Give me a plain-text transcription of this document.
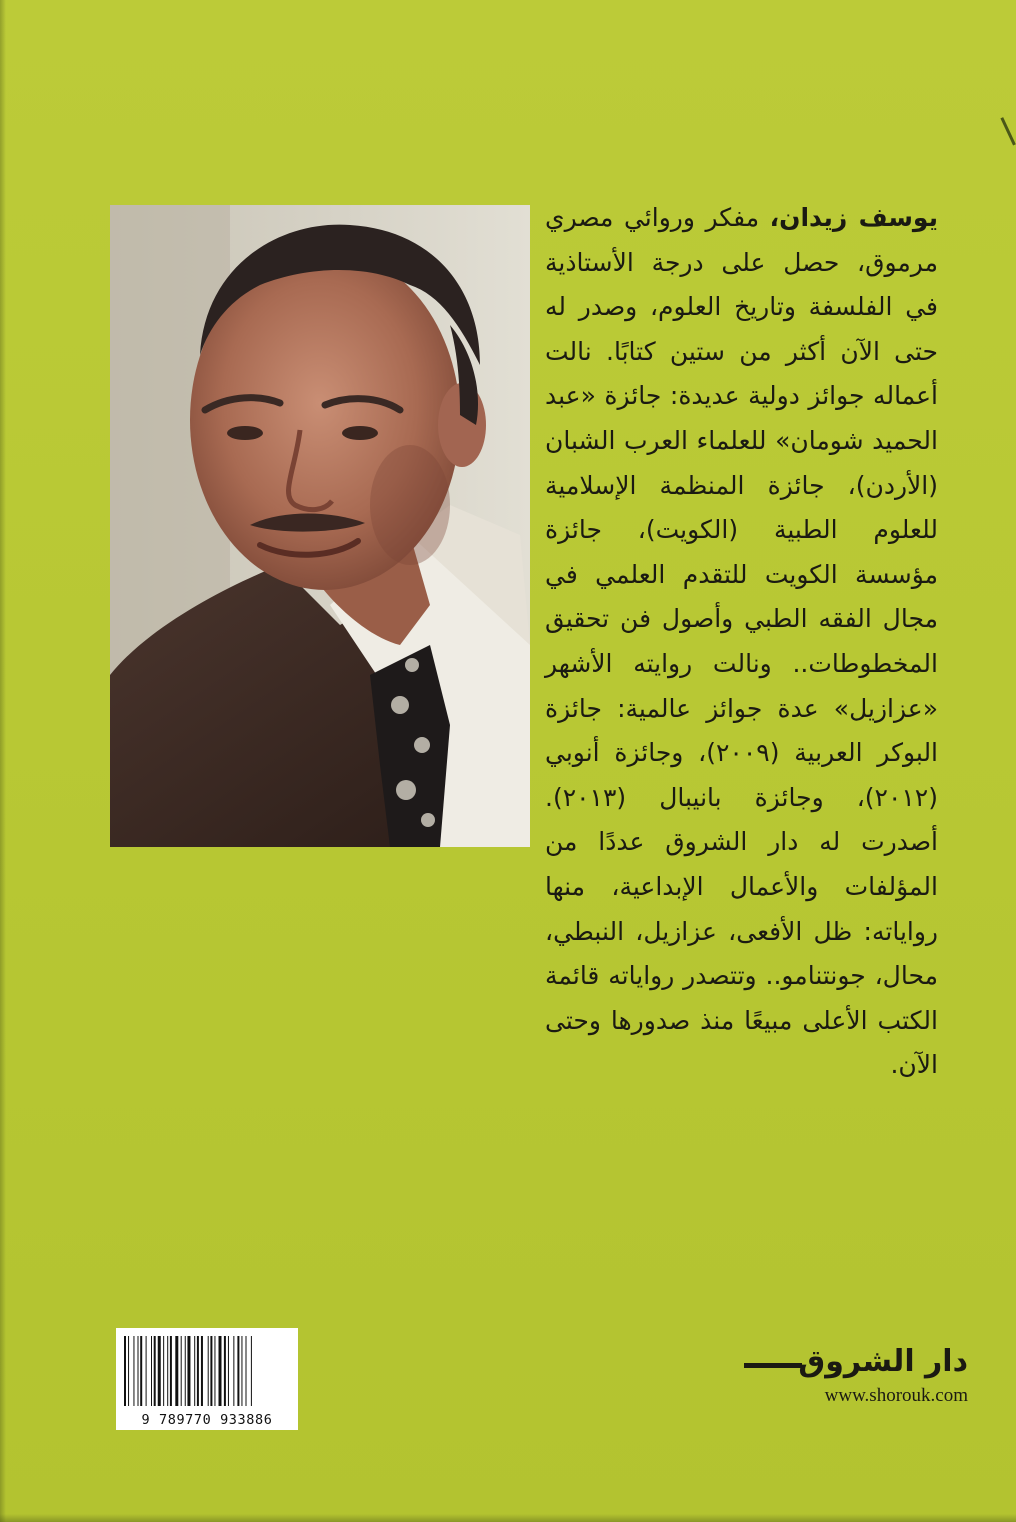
يوسف زيدان، مفكر وروائي مصري مرموق، حصل على درجة الأستاذية في الفلسفة وتاريخ العلوم، وصدر له حتى الآن أكثر من ستين كتابًا. نالت أعماله جوائز دولية عديدة: جائزة «عبد الحميد شومان» للعلماء العرب الشبان (الأردن)، جائزة المنظمة الإسلامية للعلوم الطبية (الكويت)، جائزة مؤسسة الكويت للتقدم العلمي في مجال الفقه الطبي وأصول فن تحقيق المخطوطات.. ونالت روايته الأشهر «عزازيل» عدة جوائز عالمية: جائزة البوكر العربية (٢٠٠٩)، وجائزة أنوبي (٢٠١٢)، وجائزة بانيبال (٢٠١٣). أصدرت له دار الشروق عددًا من المؤلفات والأعمال الإبداعية، منها رواياته: ظل الأفعى، عزازيل، النبطي، محال، جونتنامو.. وتتصدر رواياته قائمة الكتب الأعلى مبيعًا منذ صدورها وحتى الآن.
9 789770 933886
دار الشروق
www.shorouk.com
